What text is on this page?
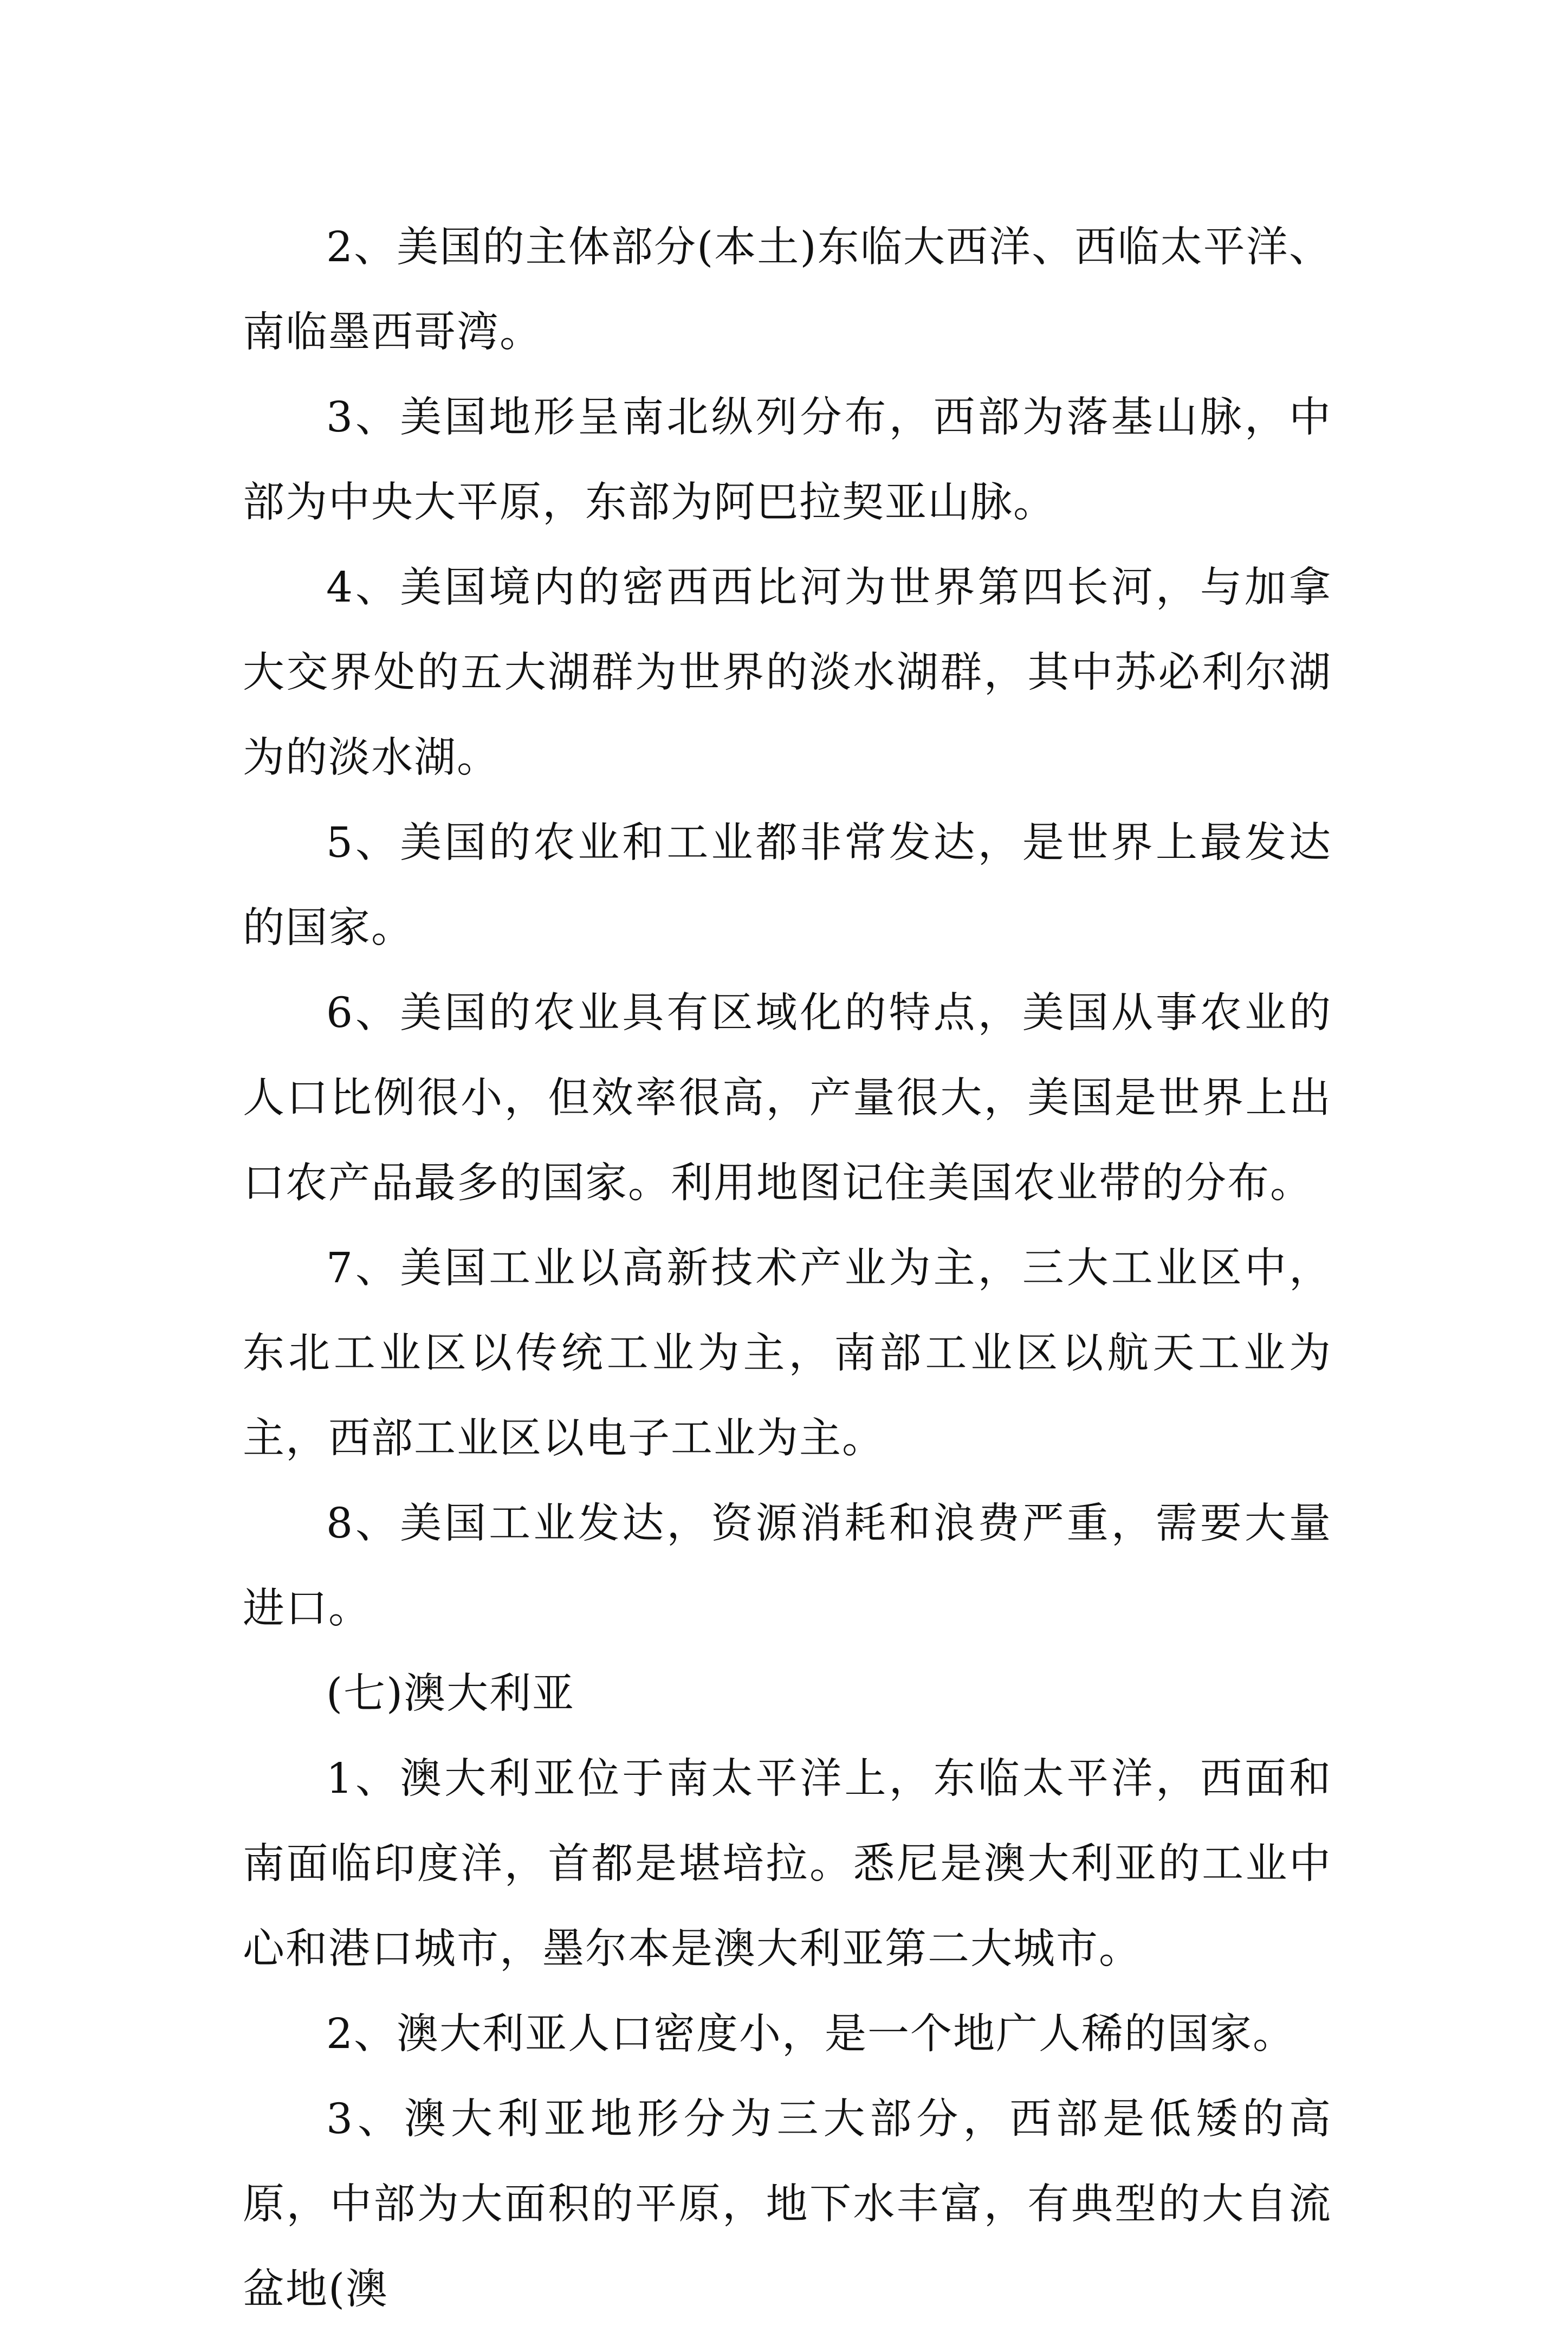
2、美国的主体部分(本土)东临大西洋、西临太平洋、南临墨西哥湾。

3、美国地形呈南北纵列分布，西部为落基山脉，中部为中央大平原，东部为阿巴拉契亚山脉。

4、美国境内的密西西比河为世界第四长河，与加拿大交界处的五大湖群为世界的淡水湖群，其中苏必利尔湖为的淡水湖。

5、美国的农业和工业都非常发达，是世界上最发达的国家。

6、美国的农业具有区域化的特点，美国从事农业的人口比例很小，但效率很高，产量很大，美国是世界上出口农产品最多的国家。利用地图记住美国农业带的分布。

7、美国工业以高新技术产业为主，三大工业区中，东北工业区以传统工业为主，南部工业区以航天工业为主，西部工业区以电子工业为主。

8、美国工业发达，资源消耗和浪费严重，需要大量进口。

(七)澳大利亚

1、澳大利亚位于南太平洋上，东临太平洋，西面和南面临印度洋，首都是堪培拉。悉尼是澳大利亚的工业中心和港口城市，墨尔本是澳大利亚第二大城市。

2、澳大利亚人口密度小，是一个地广人稀的国家。

3、澳大利亚地形分为三大部分，西部是低矮的高原，中部为大面积的平原，地下水丰富，有典型的大自流盆地(澳
